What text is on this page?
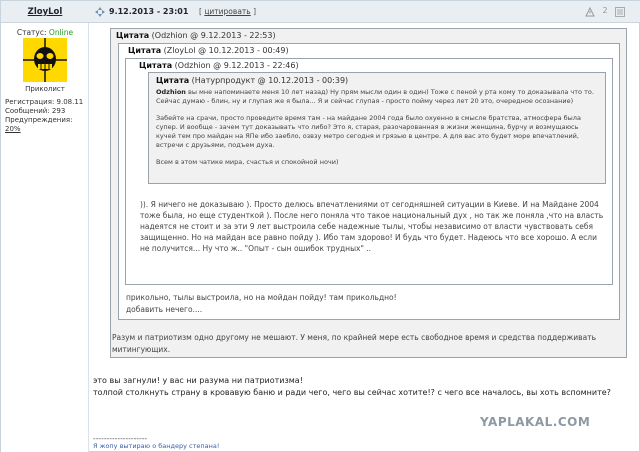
ZloyLol
Статус: Online
Приколист
Регистрация: 9.08.11
Сообщений: 293
Предупреждения: 20%
9.12.2013 - 23:01 [ цитировать ]	2
Цитата (Odzhion @ 9.12.2013 - 22:53)
Цитата (ZloyLol @ 10.12.2013 - 00:49)
Цитата (Odzhion @ 9.12.2013 - 22:46)
Цитата (Натурпродукт @ 10.12.2013 - 00:39)

Odzhion вы мне напоминаете меня 10 лет назад) Ну прям мысли один в один) Тоже с пеной у рта кому то доказывала что то. Сейчас думаю - блин, ну и глупая же я была... Я и сейчас глупая - просто пойму через лет 20 это, очередное осознание)

Забейте на срачи, просто проведите время там - на майдане 2004 года было охуенно в смысле братства, атмосфера была супер. И вообще - зачем тут доказывать что либо? Это я, старая, разочарованная в жизни женщина, бурчу и возмущаюсь кучей тем про майдан на ЯПе ибо заебло, озвзу метро сегодня и грязью в центре. А для вас это будет море впечатлений, встречи с друзьями, подъем духа.

Всем в этом чатике мира, счастья и спокойной ночи)

)). Я ничего не доказываю ). Просто делюсь впечатлениями от сегодняшней ситуации в Киеве. И на Майдане 2004 тоже была, но еще студенткой ). После него поняла что такое национальный дух , но так же поняла ,что на власть надеятся не стоит и за эти 9 лет выстроила себе надежные тылы, чтобы независимо от власти чувствовать себя защищенно. Но на майдан все равно пойду ). Ибо там здорово! И будь что будет. Надеюсь что все хорошо. А если не получится... Ну что ж.. "Опыт - сын ошибок трудных" ..
прикольно, тылы выстроила, но на мойдан пойду! там прикольдно!
добавить нечего....
Разум и патриотизм одно другому не мешают. У меня, по крайней мере есть свободное время и средства поддерживать митингующих.
это вы загнули! у вас ни разума ни патриотизма!
толпой столкнуть страну в кровавую баню и ради чего, чего вы сейчас хотите!? с чего все началось, вы хоть вспомните?
YAPLAKAL.COM
--------------------
Я жопу вытираю о бандеру степана!
